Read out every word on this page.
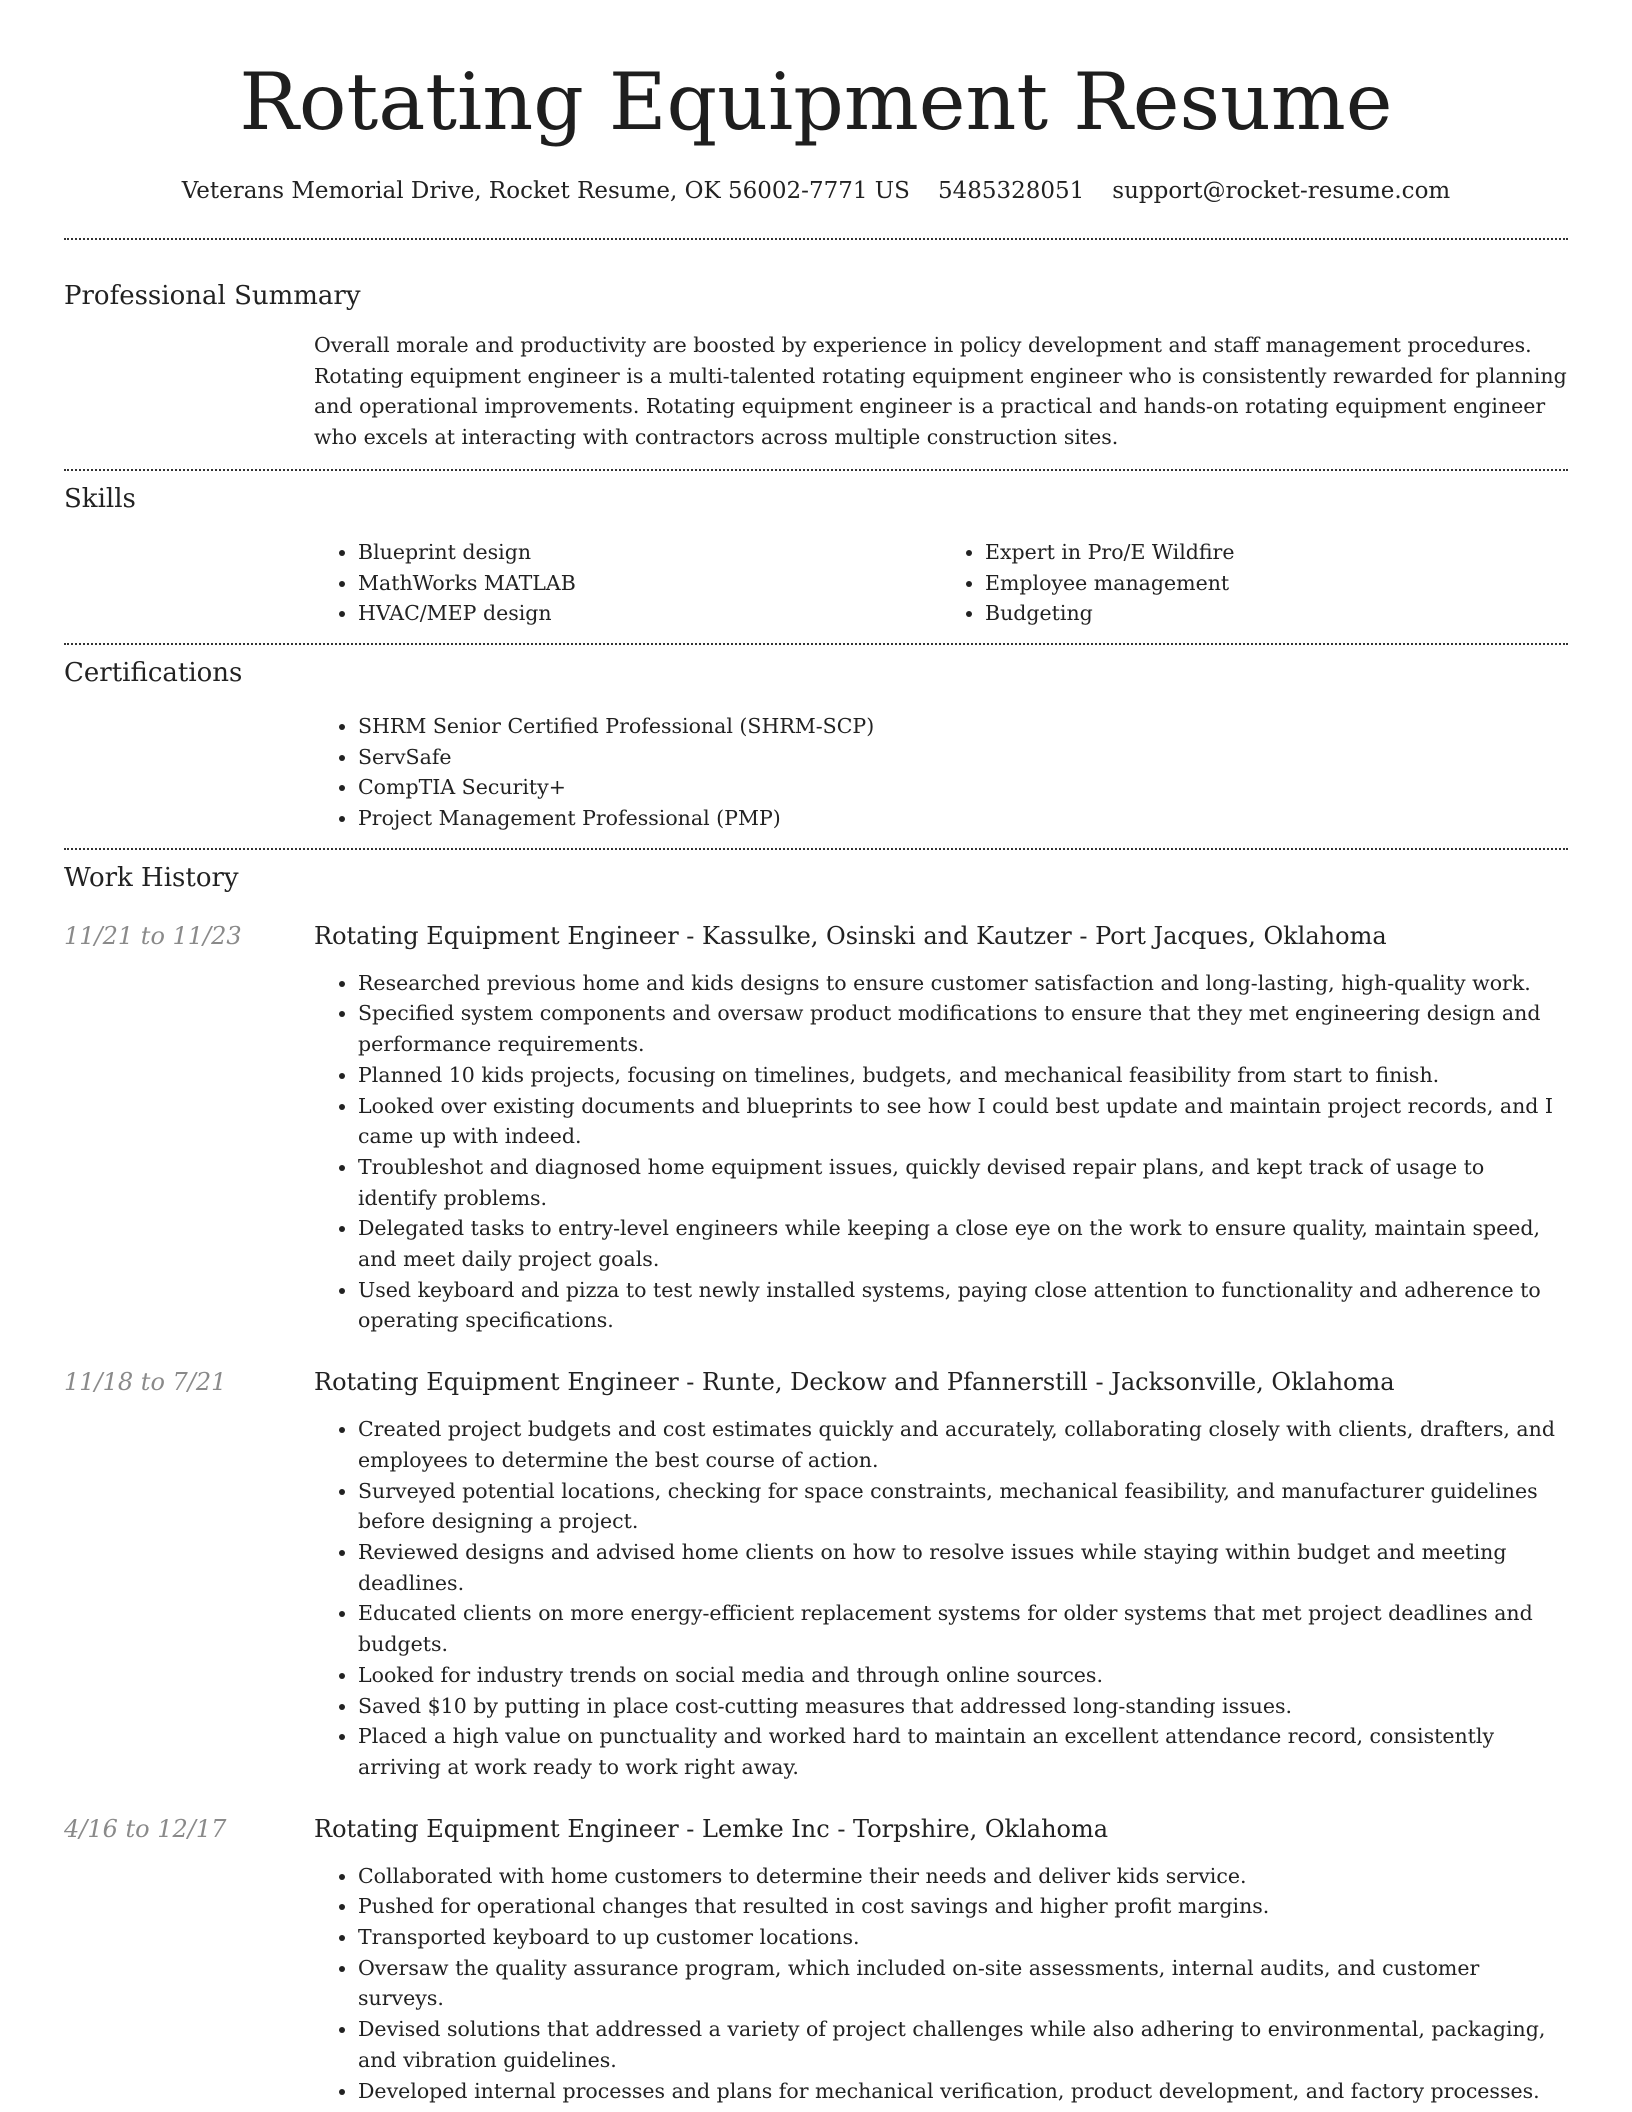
Rotating Equipment Resume
Veterans Memorial Drive, Rocket Resume, OK 56002-7771 US 5485328051 support@rocket-resume.com
Professional Summary
Overall morale and productivity are boosted by experience in policy development and staff management procedures. Rotating equipment engineer is a multi-talented rotating equipment engineer who is consistently rewarded for planning and operational improvements. Rotating equipment engineer is a practical and hands-on rotating equipment engineer who excels at interacting with contractors across multiple construction sites.
Skills
• Blueprint design
• MathWorks MATLAB
• HVAC/MEP design
• Expert in Pro/E Wildfire
• Employee management
• Budgeting
Certifications
• SHRM Senior Certified Professional (SHRM-SCP)
• ServSafe
• CompTIA Security+
• Project Management Professional (PMP)
Work History
11/21 to 11/23	Rotating Equipment Engineer - Kassulke, Osinski and Kautzer - Port Jacques, Oklahoma
• Researched previous home and kids designs to ensure customer satisfaction and long-lasting, high-quality work.
• Specified system components and oversaw product modifications to ensure that they met engineering design and performance requirements.
• Planned 10 kids projects, focusing on timelines, budgets, and mechanical feasibility from start to finish.
• Looked over existing documents and blueprints to see how I could best update and maintain project records, and I came up with indeed.
• Troubleshot and diagnosed home equipment issues, quickly devised repair plans, and kept track of usage to identify problems.
• Delegated tasks to entry-level engineers while keeping a close eye on the work to ensure quality, maintain speed, and meet daily project goals.
• Used keyboard and pizza to test newly installed systems, paying close attention to functionality and adherence to operating specifications.
11/18 to 7/21	Rotating Equipment Engineer - Runte, Deckow and Pfannerstill - Jacksonville, Oklahoma
• Created project budgets and cost estimates quickly and accurately, collaborating closely with clients, drafters, and employees to determine the best course of action.
• Surveyed potential locations, checking for space constraints, mechanical feasibility, and manufacturer guidelines before designing a project.
• Reviewed designs and advised home clients on how to resolve issues while staying within budget and meeting deadlines.
• Educated clients on more energy-efficient replacement systems for older systems that met project deadlines and budgets.
• Looked for industry trends on social media and through online sources.
• Saved $10 by putting in place cost-cutting measures that addressed long-standing issues.
• Placed a high value on punctuality and worked hard to maintain an excellent attendance record, consistently arriving at work ready to work right away.
4/16 to 12/17	Rotating Equipment Engineer - Lemke Inc - Torpshire, Oklahoma
• Collaborated with home customers to determine their needs and deliver kids service.
• Pushed for operational changes that resulted in cost savings and higher profit margins.
• Transported keyboard to up customer locations.
• Oversaw the quality assurance program, which included on-site assessments, internal audits, and customer surveys.
• Devised solutions that addressed a variety of project challenges while also adhering to environmental, packaging, and vibration guidelines.
• Developed internal processes and plans for mechanical verification, product development, and factory processes.
